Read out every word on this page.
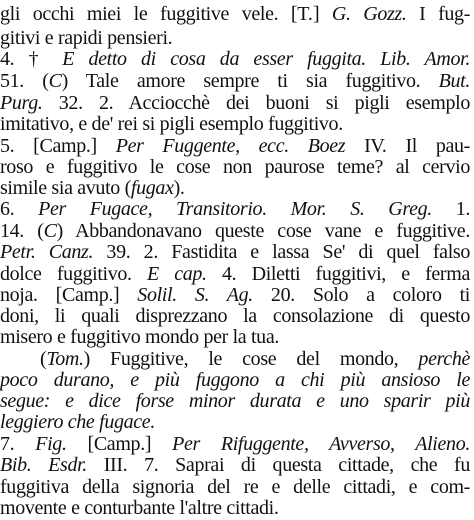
gli occhi miei le fuggitive vele. [T.] G. Gozz. I fug-
gitivi e rapidi pensieri.
4. † E detto di cosa da esser fuggita. Lib. Amor.
51. (C) Tale amore sempre ti sia fuggitivo. But.
Purg. 32. 2. Acciocchè dei buoni si pigli esemplo
imitativo, e de' rei si pigli esemplo fuggitivo.
5. [Camp.] Per Fuggente, ecc. Boez IV. Il pau-
roso e fuggitivo le cose non paurose teme? al cervio
simile sia avuto (fugax).
6. Per Fugace, Transitorio. Mor. S. Greg. 1.
14. (C) Abbandonavano queste cose vane e fuggitive.
Petr. Canz. 39. 2. Fastidita e lassa Se' di quel falso
dolce fuggitivo. E cap. 4. Diletti fuggitivi, e ferma
noja. [Camp.] Solil. S. Ag. 20. Solo a coloro ti
doni, li quali disprezzano la consolazione di questo
misero e fuggitivo mondo per la tua.
(Tom.) Fuggitive, le cose del mondo, perchè
poco durano, e più fuggono a chi più ansioso le
segue: e dice forse minor durata e uno sparir più
leggiero che fugace.
7. Fig. [Camp.] Per Rifuggente, Avverso, Alieno.
Bib. Esdr. III. 7. Saprai di questa cittade, che fu
fuggitiva della signoria del re e delle cittadi, e com-
movente e conturbante l'altre cittadi.
